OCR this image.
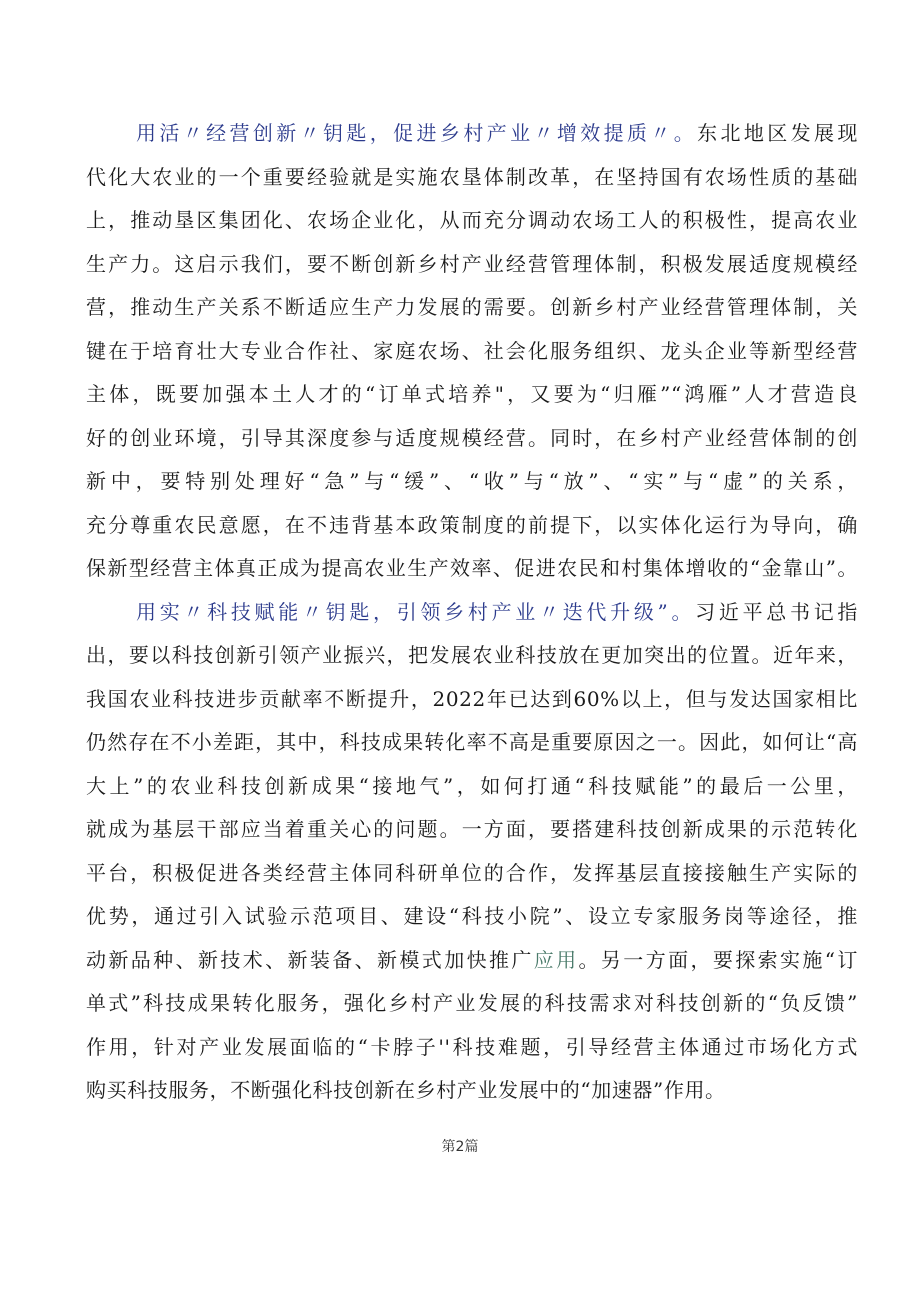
用活〃经营创新〃钥匙，促进乡村产业〃增效提质〃。东北地区发展现
代化大农业的一个重要经验就是实施农垦体制改革，在坚持国有农场性质的基础
上，推动垦区集团化、农场企业化，从而充分调动农场工人的积极性，提高农业
生产力。这启示我们，要不断创新乡村产业经营管理体制，积极发展适度规模经
营，推动生产关系不断适应生产力发展的需要。创新乡村产业经营管理体制，关
键在于培育壮大专业合作社、家庭农场、社会化服务组织、龙头企业等新型经营
主体，既要加强本土人才的“订单式培养"，又要为“归雁”“鸿雁”人才营造良
好的创业环境，引导其深度参与适度规模经营。同时，在乡村产业经营体制的创
新中，要特别处理好“急”与“缓”、“收”与“放”、“实”与“虚”的关系，
充分尊重农民意愿，在不违背基本政策制度的前提下，以实体化运行为导向，确
保新型经营主体真正成为提高农业生产效率、促进农民和村集体增收的“金靠山”。
用实〃科技赋能〃钥匙，引领乡村产业〃迭代升级”。习近平总书记指
出，要以科技创新引领产业振兴，把发展农业科技放在更加突出的位置。近年来，
我国农业科技进步贡献率不断提升，2022年已达到60%以上，但与发达国家相比
仍然存在不小差距，其中，科技成果转化率不高是重要原因之一。因此，如何让“高
大上”的农业科技创新成果“接地气”，如何打通“科技赋能”的最后一公里，
就成为基层干部应当着重关心的问题。一方面，要搭建科技创新成果的示范转化
平台，积极促进各类经营主体同科研单位的合作，发挥基层直接接触生产实际的
优势，通过引入试验示范项目、建设“科技小院”、设立专家服务岗等途径，推
动新品种、新技术、新装备、新模式加快推广应用。另一方面，要探索实施“订
单式”科技成果转化服务，强化乡村产业发展的科技需求对科技创新的“负反馈”
作用，针对产业发展面临的“卡脖子''科技难题，引导经营主体通过市场化方式
购买科技服务，不断强化科技创新在乡村产业发展中的“加速器”作用。
第2篇
